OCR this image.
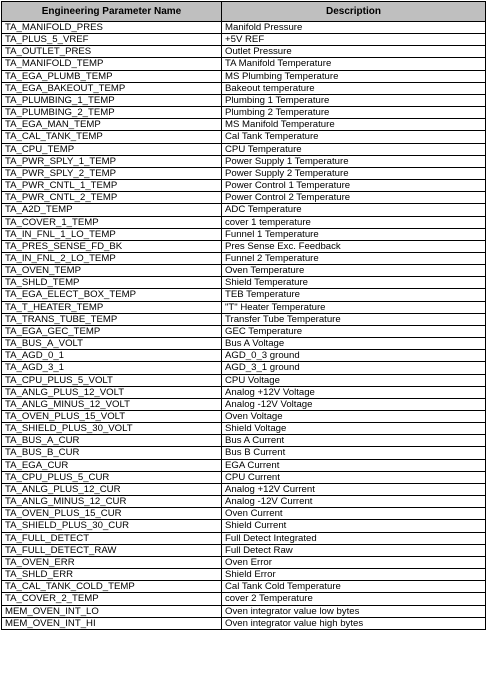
Engineering Parameter Name	Description
TA_MANIFOLD_PRES	Manifold Pressure
TA_PLUS_5_VREF	+5V REF
TA_OUTLET_PRES	Outlet Pressure
TA_MANIFOLD_TEMP	TA Manifold Temperature
TA_EGA_PLUMB_TEMP	MS Plumbing Temperature
TA_EGA_BAKEOUT_TEMP	Bakeout temperature
TA_PLUMBING_1_TEMP	Plumbing 1 Temperature
TA_PLUMBING_2_TEMP	Plumbing 2 Temperature
TA_EGA_MAN_TEMP	MS Manifold Temperature
TA_CAL_TANK_TEMP	Cal Tank Temperature
TA_CPU_TEMP	CPU Temperature
TA_PWR_SPLY_1_TEMP	Power Supply 1 Temperature
TA_PWR_SPLY_2_TEMP	Power Supply 2 Temperature
TA_PWR_CNTL_1_TEMP	Power Control 1 Temperature
TA_PWR_CNTL_2_TEMP	Power Control 2 Temperature
TA_A2D_TEMP	ADC Temperature
TA_COVER_1_TEMP	cover 1 temperature
TA_IN_FNL_1_LO_TEMP	Funnel 1 Temperature
TA_PRES_SENSE_FD_BK	Pres Sense Exc. Feedback
TA_IN_FNL_2_LO_TEMP	Funnel 2 Temperature
TA_OVEN_TEMP	Oven Temperature
TA_SHLD_TEMP	Shield Temperature
TA_EGA_ELECT_BOX_TEMP	TEB Temperature
TA_T_HEATER_TEMP	"T" Heater Temperature
TA_TRANS_TUBE_TEMP	Transfer Tube Temperature
TA_EGA_GEC_TEMP	GEC Temperature
TA_BUS_A_VOLT	Bus A Voltage
TA_AGD_0_1	AGD_0_3 ground
TA_AGD_3_1	AGD_3_1 ground
TA_CPU_PLUS_5_VOLT	CPU Voltage
TA_ANLG_PLUS_12_VOLT	Analog +12V Voltage
TA_ANLG_MINUS_12_VOLT	Analog -12V Voltage
TA_OVEN_PLUS_15_VOLT	Oven Voltage
TA_SHIELD_PLUS_30_VOLT	Shield Voltage
TA_BUS_A_CUR	Bus A Current
TA_BUS_B_CUR	Bus B Current
TA_EGA_CUR	EGA Current
TA_CPU_PLUS_5_CUR	CPU Current
TA_ANLG_PLUS_12_CUR	Analog +12V Current
TA_ANLG_MINUS_12_CUR	Analog -12V Current
TA_OVEN_PLUS_15_CUR	Oven Current
TA_SHIELD_PLUS_30_CUR	Shield Current
TA_FULL_DETECT	Full Detect Integrated
TA_FULL_DETECT_RAW	Full Detect Raw
TA_OVEN_ERR	Oven Error
TA_SHLD_ERR	Shield Error
TA_CAL_TANK_COLD_TEMP	Cal Tank Cold Temperature
TA_COVER_2_TEMP	cover 2 Temperature
MEM_OVEN_INT_LO	Oven integrator value low bytes
MEM_OVEN_INT_HI	Oven integrator value high bytes
